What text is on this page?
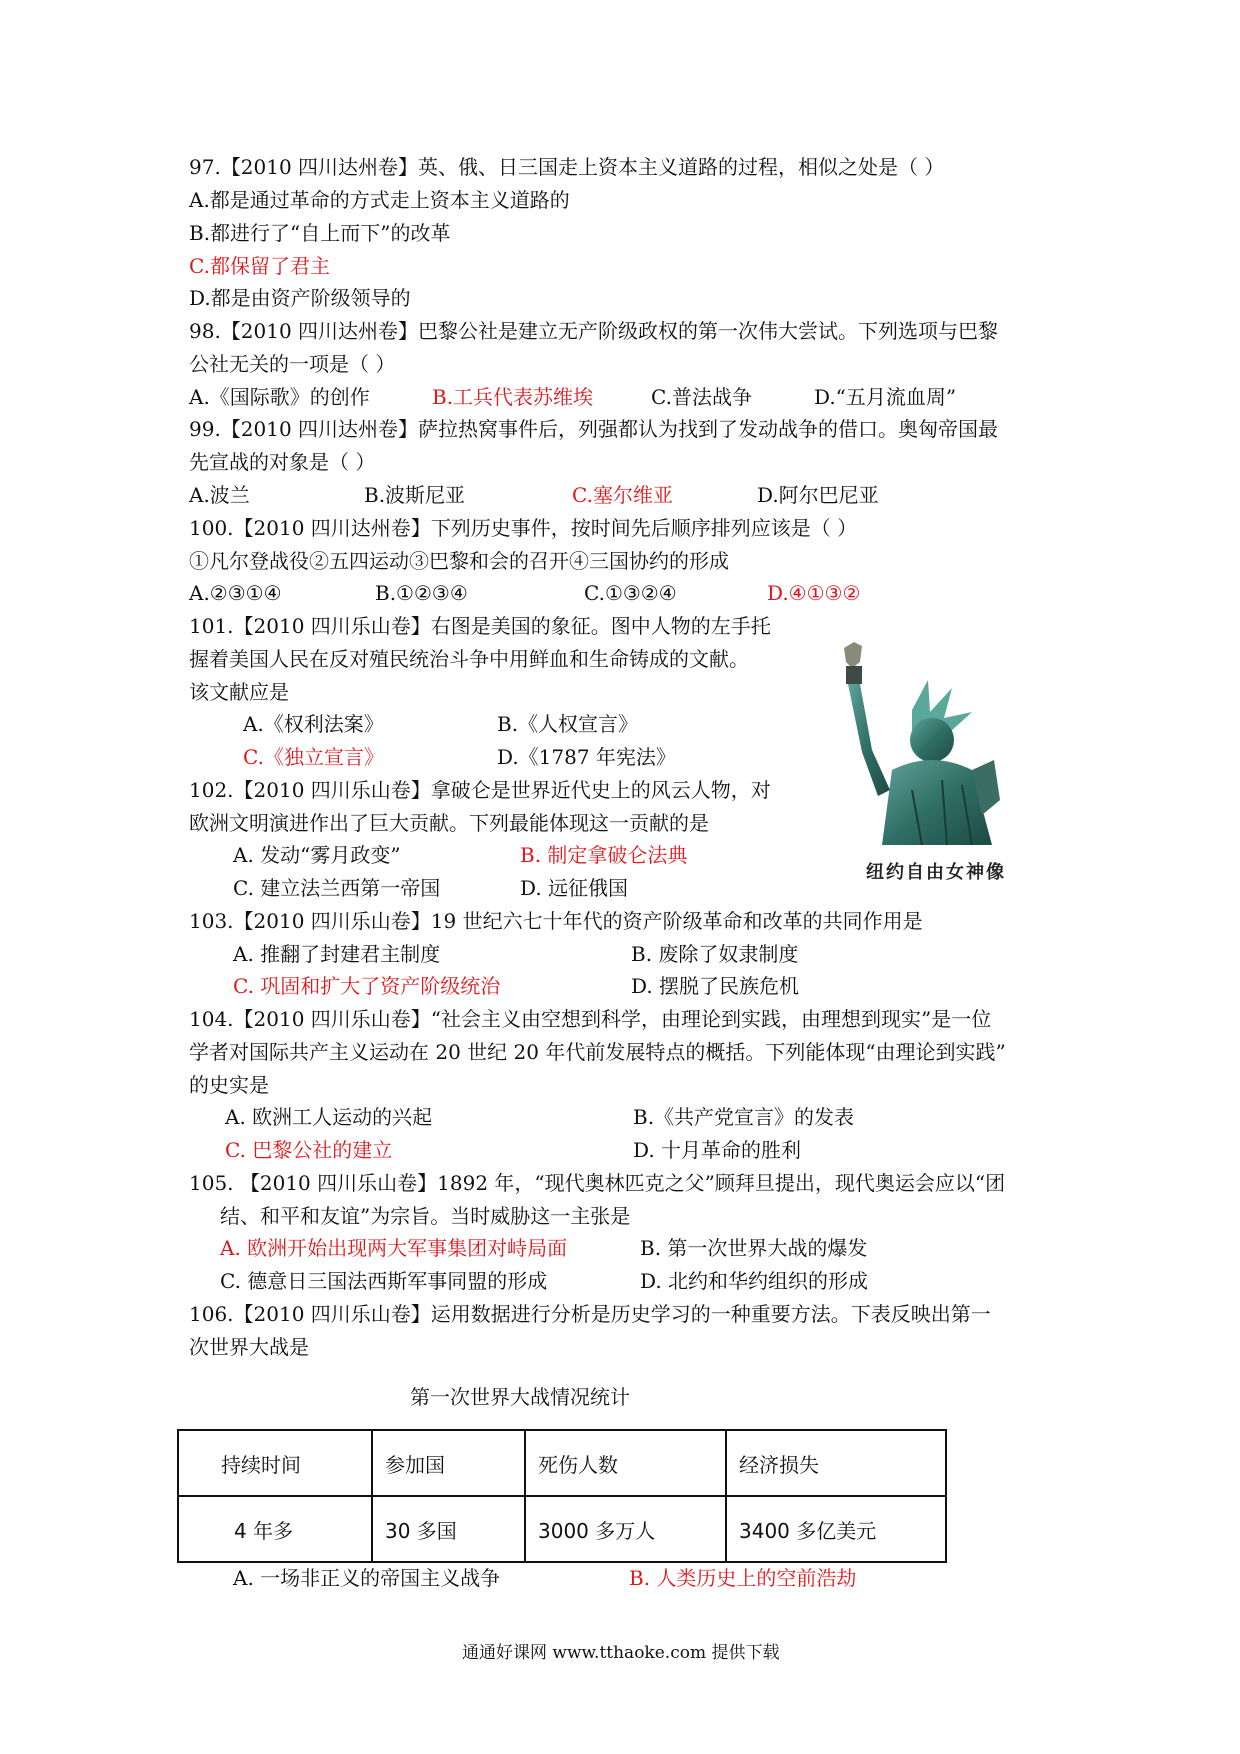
97.【2010 四川达州卷】英、俄、日三国走上资本主义道路的过程，相似之处是（ ）
A.都是通过革命的方式走上资本主义道路的
B.都进行了“自上而下”的改革
C.都保留了君主
D.都是由资产阶级领导的
98.【2010 四川达州卷】巴黎公社是建立无产阶级政权的第一次伟大尝试。下列选项与巴黎
公社无关的一项是（ ）
A.《国际歌》的创作	B.工兵代表苏维埃	C.普法战争	D.“五月流血周”
99.【2010 四川达州卷】萨拉热窝事件后，列强都认为找到了发动战争的借口。奥匈帝国最
先宣战的对象是（ ）
A.波兰	B.波斯尼亚	C.塞尔维亚	D.阿尔巴尼亚
100.【2010 四川达州卷】下列历史事件，按时间先后顺序排列应该是（ ）
①凡尔登战役②五四运动③巴黎和会的召开④三国协约的形成
A.②③①④	B.①②③④	C.①③②④	D.④①③②
101.【2010 四川乐山卷】右图是美国的象征。图中人物的左手托
握着美国人民在反对殖民统治斗争中用鲜血和生命铸成的文献。
该文献应是
A.《权利法案》	B.《人权宣言》
C.《独立宣言》	D.《1787 年宪法》
纽约自由女神像
102.【2010 四川乐山卷】拿破仑是世界近代史上的风云人物，对
欧洲文明演进作出了巨大贡献。下列最能体现这一贡献的是
A. 发动“雾月政变”	B. 制定拿破仑法典
C. 建立法兰西第一帝国	D. 远征俄国
103.【2010 四川乐山卷】19 世纪六七十年代的资产阶级革命和改革的共同作用是
A. 推翻了封建君主制度	B. 废除了奴隶制度
C. 巩固和扩大了资产阶级统治	D. 摆脱了民族危机
104.【2010 四川乐山卷】“社会主义由空想到科学，由理论到实践，由理想到现实”是一位
学者对国际共产主义运动在 20 世纪 20 年代前发展特点的概括。下列能体现“由理论到实践”
的史实是
A. 欧洲工人运动的兴起	B.《共产党宣言》的发表
C. 巴黎公社的建立	D. 十月革命的胜利
105. 【2010 四川乐山卷】1892 年，“现代奥林匹克之父”顾拜旦提出，现代奥运会应以“团
结、和平和友谊”为宗旨。当时威胁这一主张是
A. 欧洲开始出现两大军事集团对峙局面	B. 第一次世界大战的爆发
C. 德意日三国法西斯军事同盟的形成	D. 北约和华约组织的形成
106.【2010 四川乐山卷】运用数据进行分析是历史学习的一种重要方法。下表反映出第一
次世界大战是
第一次世界大战情况统计
持续时间	参加国	死伤人数	经济损失
4 年多	30 多国	3000 多万人	3400 多亿美元
A. 一场非正义的帝国主义战争	B. 人类历史上的空前浩劫
通通好课网 www.tthaoke.com 提供下载
